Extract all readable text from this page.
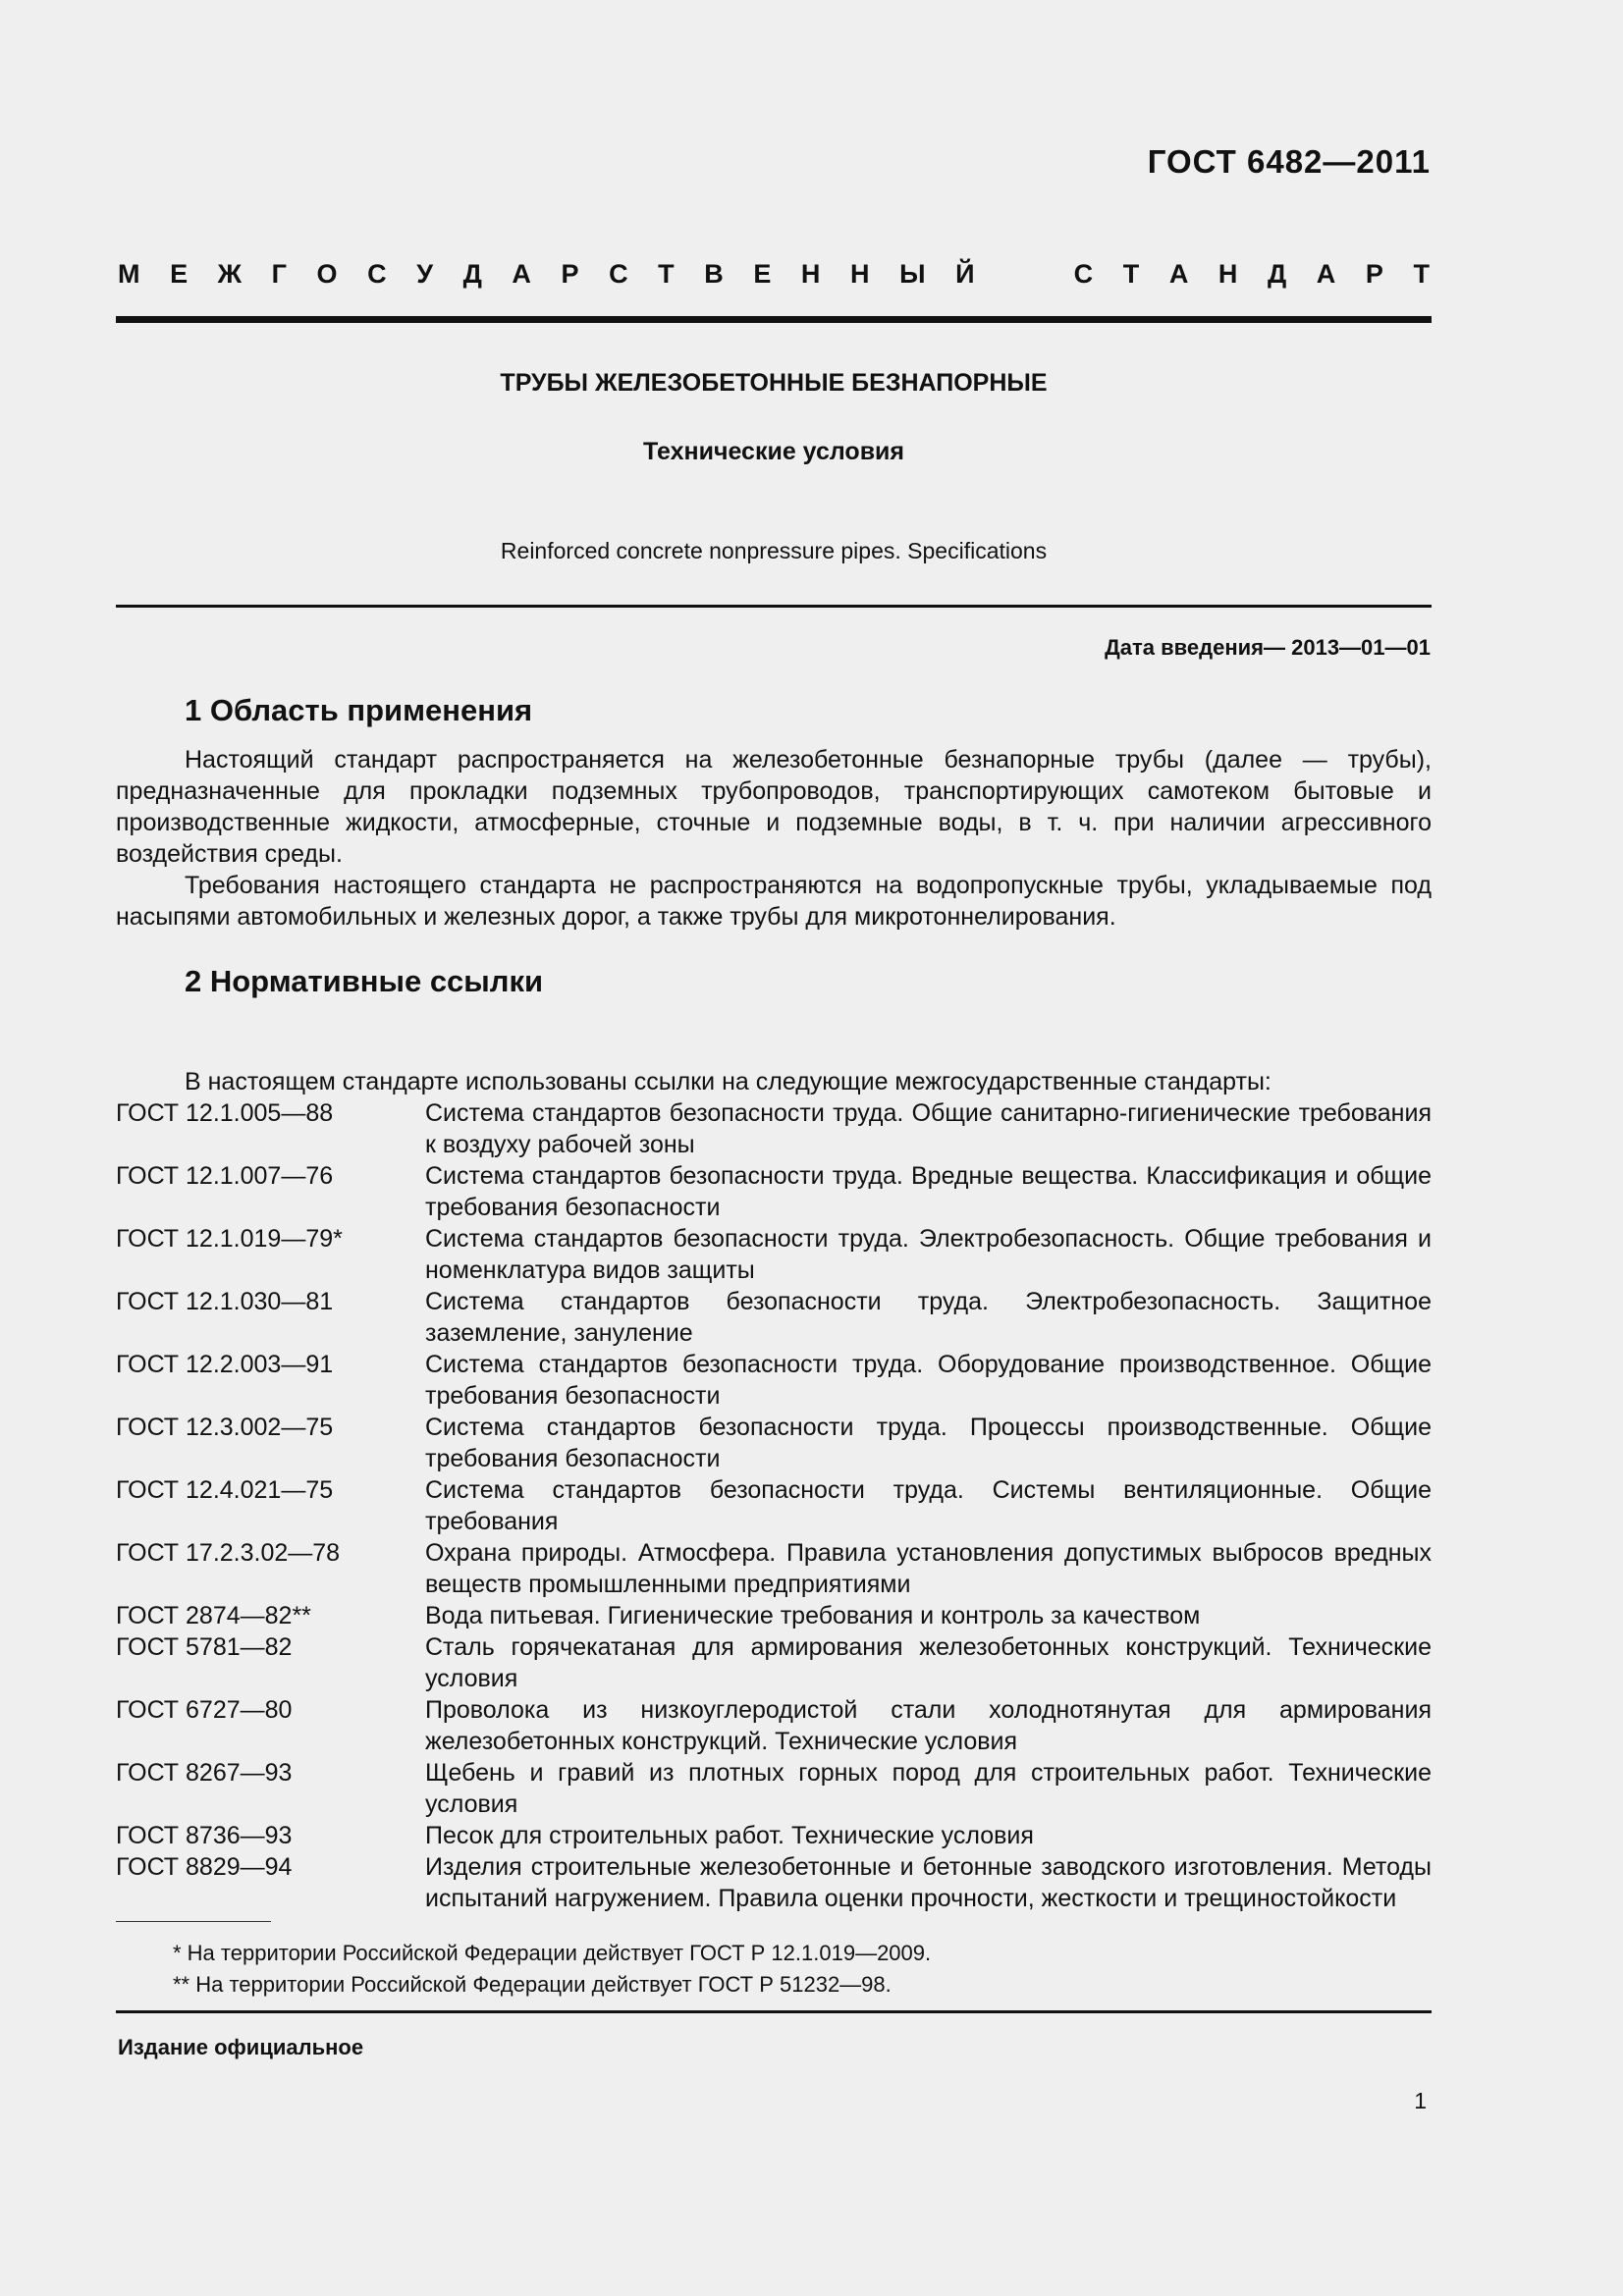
ГОСТ 6482—2011
М Е Ж Г О С У Д А Р С Т В Е Н Н Ы Й	С Т А Н Д А Р Т
ТРУБЫ ЖЕЛЕЗОБЕТОННЫЕ БЕЗНАПОРНЫЕ
Технические условия
Reinforced concrete nonpressure pipes. Specifications
Дата введения— 2013—01—01
1 Область применения

Настоящий стандарт распространяется на железобетонные безнапорные трубы (далее — трубы), предназначенные для прокладки подземных трубопроводов, транспортирующих самотеком бытовые и производственные жидкости, атмосферные, сточные и подземные воды, в т. ч. при наличии агрессивного воздействия среды.

Требования настоящего стандарта не распространяются на водопропускные трубы, укладываемые под насыпями автомобильных и железных дорог, а также трубы для микротоннелирования.

2 Нормативные ссылки

В настоящем стандарте использованы ссылки на следующие межгосударственные стандарты:

ГОСТ 12.1.005—88	Система стандартов безопасности труда. Общие санитарно-гигиенические требования к воздуху рабочей зоны
ГОСТ 12.1.007—76	Система стандартов безопасности труда. Вредные вещества. Классификация и общие требования безопасности
ГОСТ 12.1.019—79*	Система стандартов безопасности труда. Электробезопасность. Общие требования и номенклатура видов защиты
ГОСТ 12.1.030—81	Система стандартов безопасности труда. Электробезопасность. Защитное заземление, зануление
ГОСТ 12.2.003—91	Система стандартов безопасности труда. Оборудование производственное. Общие требования безопасности
ГОСТ 12.3.002—75	Система стандартов безопасности труда. Процессы производственные. Общие требования безопасности
ГОСТ 12.4.021—75	Система стандартов безопасности труда. Системы вентиляционные. Общие требования
ГОСТ 17.2.3.02—78	Охрана природы. Атмосфера. Правила установления допустимых выбросов вредных веществ промышленными предприятиями
ГОСТ 2874—82**	Вода питьевая. Гигиенические требования и контроль за качеством
ГОСТ 5781—82	Сталь горячекатаная для армирования железобетонных конструкций. Технические условия
ГОСТ 6727—80	Проволока из низкоуглеродистой стали холоднотянутая для армирования железобетонных конструкций. Технические условия
ГОСТ 8267—93	Щебень и гравий из плотных горных пород для строительных работ. Технические условия
ГОСТ 8736—93	Песок для строительных работ. Технические условия
ГОСТ 8829—94	Изделия строительные железобетонные и бетонные заводского изготовления. Методы испытаний нагружением. Правила оценки прочности, жесткости и трещиностойкости
* На территории Российской Федерации действует ГОСТ Р 12.1.019—2009.
** На территории Российской Федерации действует ГОСТ Р 51232—98.
Издание официальное
1
